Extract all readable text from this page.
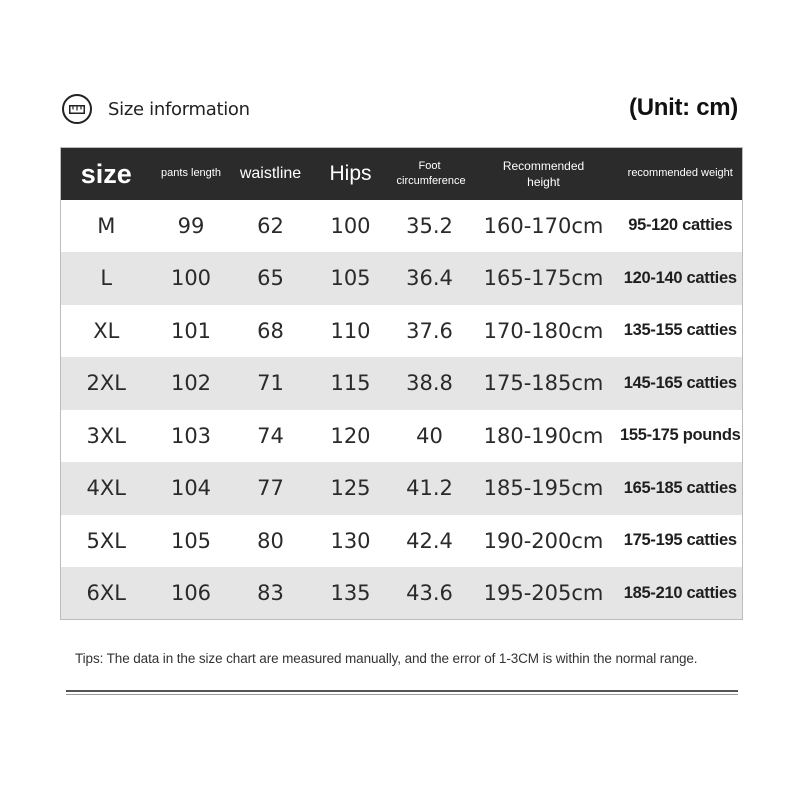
Size information	(Unit: cm)
size	pants length	waistline	Hips	Foot circumference	Recommended height	recommended weight
M	99	62	100	35.2	160-170cm	95-120 catties
L	100	65	105	36.4	165-175cm	120-140 catties
XL	101	68	110	37.6	170-180cm	135-155 catties
2XL	102	71	115	38.8	175-185cm	145-165 catties
3XL	103	74	120	40	180-190cm	155-175 pounds
4XL	104	77	125	41.2	185-195cm	165-185 catties
5XL	105	80	130	42.4	190-200cm	175-195 catties
6XL	106	83	135	43.6	195-205cm	185-210 catties
Tips: The data in the size chart are measured manually, and the error of 1-3CM is within the normal range.
